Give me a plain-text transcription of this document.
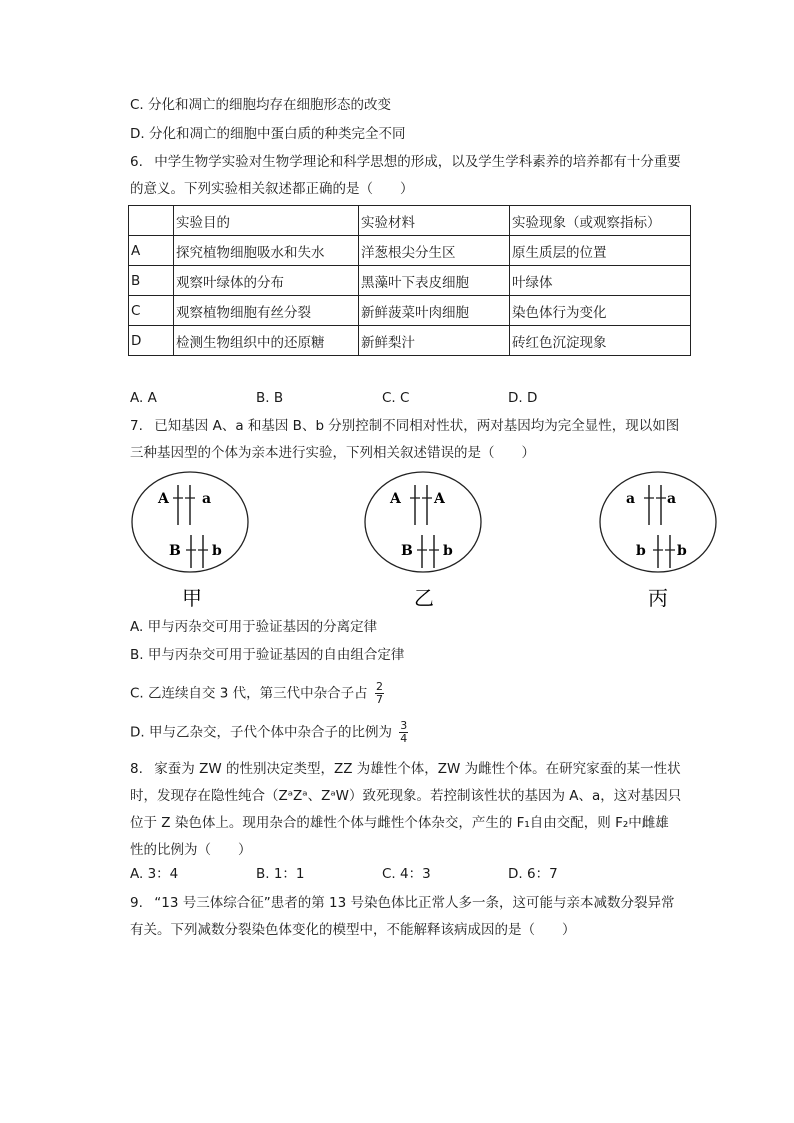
C. 分化和凋亡的细胞均存在细胞形态的改变
D. 分化和凋亡的细胞中蛋白质的种类完全不同
6. 中学生物学实验对生物学理论和科学思想的形成，以及学生学科素养的培养都有十分重要
的意义。下列实验相关叙述都正确的是（　　）
	实验目的	实验材料	实验现象（或观察指标）
A	探究植物细胞吸水和失水	洋葱根尖分生区	原生质层的位置
B	观察叶绿体的分布	黑藻叶下表皮细胞	叶绿体
C	观察植物细胞有丝分裂	新鲜菠菜叶肉细胞	染色体行为变化
D	检测生物组织中的还原糖	新鲜梨汁	砖红色沉淀现象
A. A	B. B	C. C	D. D
7. 已知基因 A、a 和基因 B、b 分别控制不同相对性状，两对基因均为完全显性，现以如图
三种基因型的个体为亲本进行实验，下列相关叙述错误的是（　　）
A a
B b
甲
A A
B b
乙
a a
b b
丙
A. 甲与丙杂交可用于验证基因的分离定律
B. 甲与丙杂交可用于验证基因的自由组合定律
C. 乙连续自交 3 代，第三代中杂合子占 $\frac{2}{7}$
D. 甲与乙杂交，子代个体中杂合子的比例为 $\frac{3}{4}$
8. 家蚕为 ZW 的性别决定类型，ZZ 为雄性个体，ZW 为雌性个体。在研究家蚕的某一性状
时，发现存在隐性纯合（ZᵃZᵃ、ZᵃW）致死现象。若控制该性状的基因为 A、a，这对基因只
位于 Z 染色体上。现用杂合的雄性个体与雌性个体杂交，产生的 F₁自由交配，则 F₂中雌雄
性的比例为（　　）
A. 3：4	B. 1：1	C. 4：3	D. 6：7
9. “13 号三体综合征”患者的第 13 号染色体比正常人多一条，这可能与亲本减数分裂异常
有关。下列减数分裂染色体变化的模型中，不能解释该病成因的是（　　）
